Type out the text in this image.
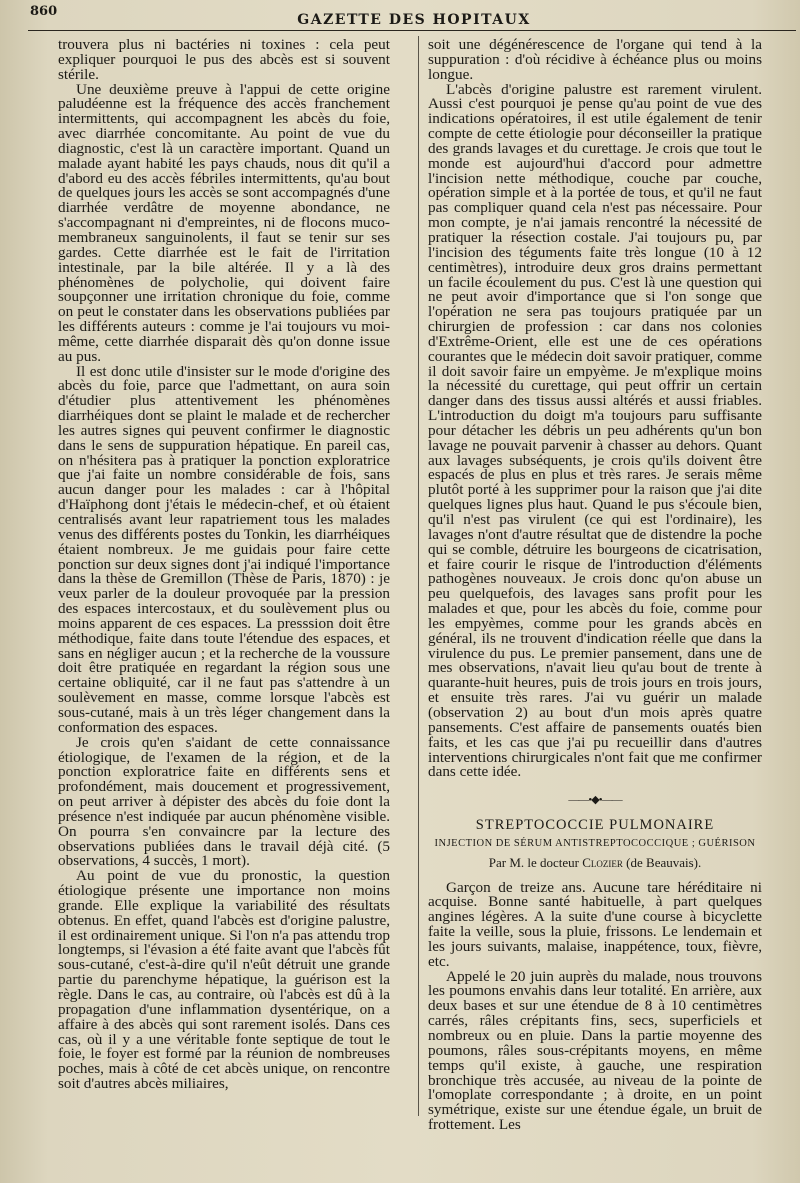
860
GAZETTE DES HOPITAUX

trouvera plus ni bactéries ni toxines : cela peut expliquer pourquoi le pus des abcès est si souvent stérile.

Une deuxième preuve à l'appui de cette origine paludéenne est la fréquence des accès franchement intermittents, qui accompagnent les abcès du foie, avec diarrhée concomitante. Au point de vue du diagnostic, c'est là un caractère important. Quand un malade ayant habité les pays chauds, nous dit qu'il a d'abord eu des accès fébriles intermittents, qu'au bout de quelques jours les accès se sont accompagnés d'une diarrhée verdâtre de moyenne abondance, ne s'accompagnant ni d'empreintes, ni de flocons muco-membraneux sanguinolents, il faut se tenir sur ses gardes. Cette diarrhée est le fait de l'irritation intestinale, par la bile altérée. Il y a là des phénomènes de polycholie, qui doivent faire soupçonner une irritation chronique du foie, comme on peut le constater dans les observations publiées par les différents auteurs : comme je l'ai toujours vu moi-même, cette diarrhée disparait dès qu'on donne issue au pus.

Il est donc utile d'insister sur le mode d'origine des abcès du foie, parce que l'admettant, on aura soin d'étudier plus attentivement les phénomènes diarrhéiques dont se plaint le malade et de rechercher les autres signes qui peuvent confirmer le diagnostic dans le sens de suppuration hépatique. En pareil cas, on n'hésitera pas à pratiquer la ponction exploratrice que j'ai faite un nombre considérable de fois, sans aucun danger pour les malades : car à l'hôpital d'Haïphong dont j'étais le médecin-chef, et où étaient centralisés avant leur rapatriement tous les malades venus des différents postes du Tonkin, les diarrhéiques étaient nombreux. Je me guidais pour faire cette ponction sur deux signes dont j'ai indiqué l'importance dans la thèse de Gremillon (Thèse de Paris, 1870) : je veux parler de la douleur provoquée par la pression des espaces intercostaux, et du soulèvement plus ou moins apparent de ces espaces. La presssion doit être méthodique, faite dans toute l'étendue des espaces, et sans en négliger aucun ; et la recherche de la voussure doit être pratiquée en regardant la région sous une certaine obliquité, car il ne faut pas s'attendre à un soulèvement en masse, comme lorsque l'abcès est sous-cutané, mais à un très léger changement dans la conformation des espaces.

Je crois qu'en s'aidant de cette connaissance étiologique, de l'examen de la région, et de la ponction exploratrice faite en différents sens et profondément, mais doucement et progressivement, on peut arriver à dépister des abcès du foie dont la présence n'est indiquée par aucun phénomène visible. On pourra s'en convaincre par la lecture des observations publiées dans le travail déjà cité. (5 observations, 4 succès, 1 mort).

Au point de vue du pronostic, la question étiologique présente une importance non moins grande. Elle explique la variabilité des résultats obtenus. En effet, quand l'abcès est d'origine palustre, il est ordinairement unique. Si l'on n'a pas attendu trop longtemps, si l'évasion a été faite avant que l'abcès fût sous-cutané, c'est-à-dire qu'il n'eût détruit une grande partie du parenchyme hépatique, la guérison est la règle. Dans le cas, au contraire, où l'abcès est dû à la propagation d'une inflammation dysentérique, on a affaire à des abcès qui sont rarement isolés. Dans ces cas, où il y a une véritable fonte septique de tout le foie, le foyer est formé par la réunion de nombreuses poches, mais à côté de cet abcès unique, on rencontre soit d'autres abcès miliaires,

soit une dégénérescence de l'organe qui tend à la suppuration : d'où récidive à échéance plus ou moins longue.

L'abcès d'origine palustre est rarement virulent. Aussi c'est pourquoi je pense qu'au point de vue des indications opératoires, il est utile également de tenir compte de cette étiologie pour déconseiller la pratique des grands lavages et du curettage. Je crois que tout le monde est aujourd'hui d'accord pour admettre l'incision nette méthodique, couche par couche, opération simple et à la portée de tous, et qu'il ne faut pas compliquer quand cela n'est pas nécessaire. Pour mon compte, je n'ai jamais rencontré la nécessité de pratiquer la résection costale. J'ai toujours pu, par l'incision des téguments faite très longue (10 à 12 centimètres), introduire deux gros drains permettant un facile écoulement du pus. C'est là une question qui ne peut avoir d'importance que si l'on songe que l'opération ne sera pas toujours pratiquée par un chirurgien de profession : car dans nos colonies d'Extrême-Orient, elle est une de ces opérations courantes que le médecin doit savoir pratiquer, comme il doit savoir faire un empyème. Je m'explique moins la nécessité du curettage, qui peut offrir un certain danger dans des tissus aussi altérés et aussi friables. L'introduction du doigt m'a toujours paru suffisante pour détacher les débris un peu adhérents qu'un bon lavage ne pouvait parvenir à chasser au dehors. Quant aux lavages subséquents, je crois qu'ils doivent être espacés de plus en plus et très rares. Je serais même plutôt porté à les supprimer pour la raison que j'ai dite quelques lignes plus haut. Quand le pus s'écoule bien, qu'il n'est pas virulent (ce qui est l'ordinaire), les lavages n'ont d'autre résultat que de distendre la poche qui se comble, détruire les bourgeons de cicatrisation, et faire courir le risque de l'introduction d'éléments pathogènes nouveaux. Je crois donc qu'on abuse un peu quelquefois, des lavages sans profit pour les malades et que, pour les abcès du foie, comme pour les empyèmes, comme pour les grands abcès en général, ils ne trouvent d'indication réelle que dans la virulence du pus. Le premier pansement, dans une de mes observations, n'avait lieu qu'au bout de trente à quarante-huit heures, puis de trois jours en trois jours, et ensuite très rares. J'ai vu guérir un malade (observation 2) au bout d'un mois après quatre pansements. C'est affaire de pansements ouatés bien faits, et les cas que j'ai pu recueillir dans d'autres interventions chirurgicales n'ont fait que me confirmer dans cette idée.

——•◆•——
STREPTOCOCCIE PULMONAIRE
INJECTION DE SÉRUM ANTISTREPTOCOCCIQUE ; GUÉRISON
Par M. le docteur Clozier (de Beauvais).

Garçon de treize ans. Aucune tare héréditaire ni acquise. Bonne santé habituelle, à part quelques angines légères. A la suite d'une course à bicyclette faite la veille, sous la pluie, frissons. Le lendemain et les jours suivants, malaise, inappétence, toux, fièvre, etc.

Appelé le 20 juin auprès du malade, nous trouvons les poumons envahis dans leur totalité. En arrière, aux deux bases et sur une étendue de 8 à 10 centimètres carrés, râles crépitants fins, secs, superficiels et nombreux ou en pluie. Dans la partie moyenne des poumons, râles sous-crépitants moyens, en même temps qu'il existe, à gauche, une respiration bronchique très accusée, au niveau de la pointe de l'omoplate correspondante ; à droite, en un point symétrique, existe sur une étendue égale, un bruit de frottement. Les
